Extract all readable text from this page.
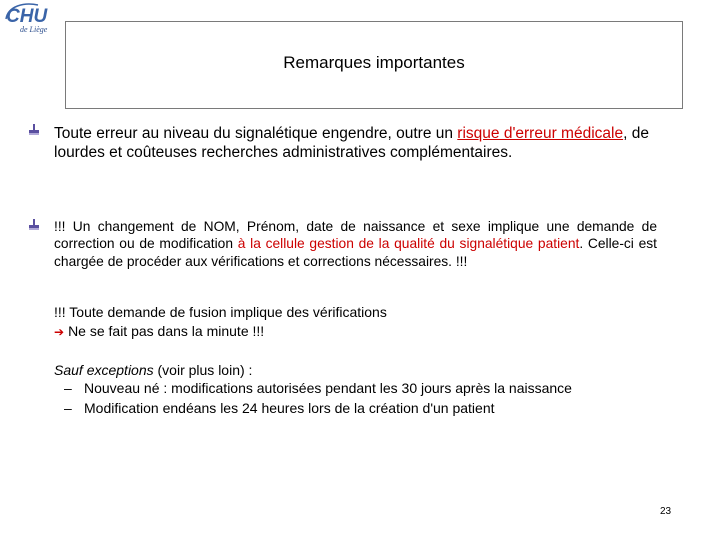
CHU
de Liège
Remarques importantes

Toute erreur au niveau du signalétique engendre, outre un risque d'erreur médicale, de lourdes et coûteuses recherches administratives complémentaires.

!!! Un changement de NOM, Prénom, date de naissance et sexe implique une demande de correction ou de modification à la cellule gestion de la qualité du signalétique patient. Celle-ci est chargée de procéder aux vérifications et corrections nécessaires. !!!

!!! Toute demande de fusion implique des vérifications

➔ Ne se fait pas dans la minute !!!

Sauf exceptions (voir plus loin) :

– Nouveau né : modifications autorisées pendant les 30 jours après la naissance

– Modification endéans les 24 heures lors de la création d'un patient

23
